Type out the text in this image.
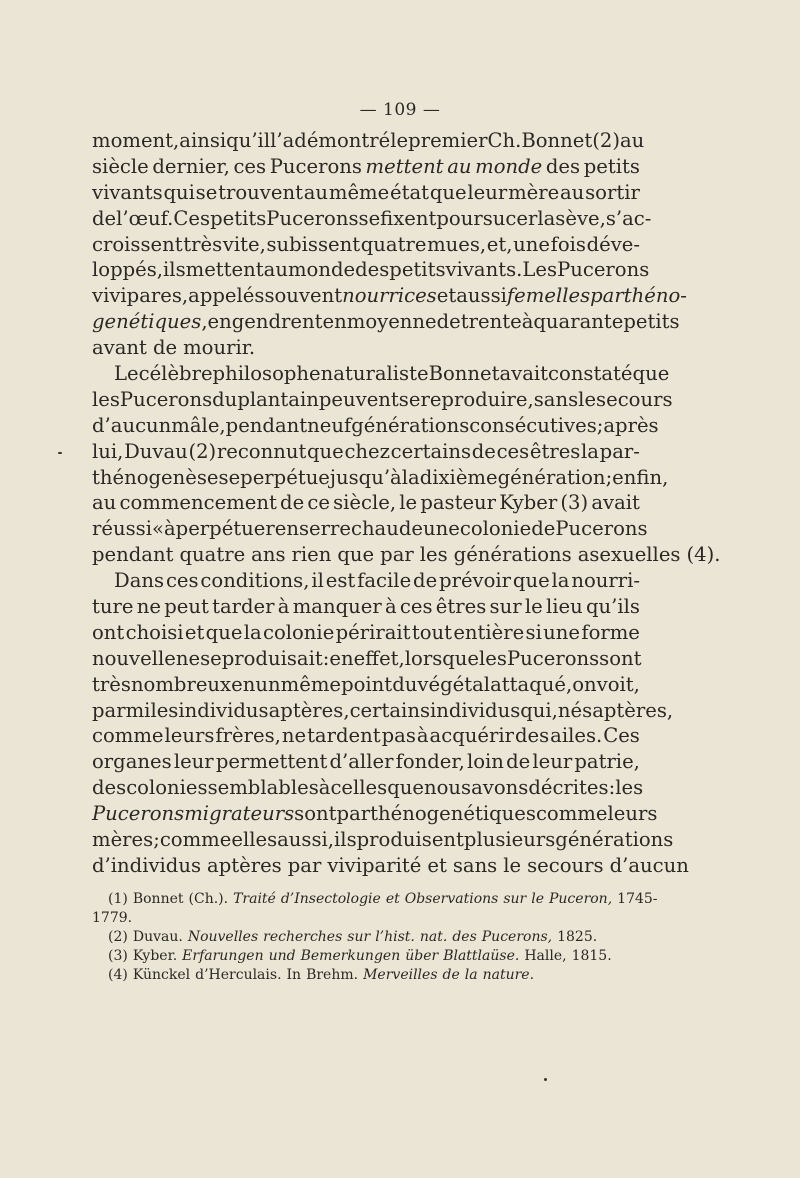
— 109 —
moment, ainsi qu’il l’a démontré le premier Ch. Bonnet (2) au
siècle dernier, ces Pucerons mettent au monde des petits
vivants qui se trouvent au même état que leur mère au sortir
de l’œuf. Ces petits Pucerons se fixent pour sucer la sève, s’ac-
croissent très vite, subissent quatre mues, et, une fois déve-
loppés, ils mettent au monde des petits vivants. Les Pucerons
vivipares, appelés souvent nourrices et aussi femelles parthéno-
genétiques , engendrent en moyenne de trente à quarante petits
avant de mourir.
Le célèbre philosophe naturaliste Bonnet avait constaté que
les Pucerons du plantain peuvent se reproduire, sans le secours
d’aucun mâle, pendant neuf générations consécutives ; après
lui, Duvau (2) reconnut que chez certains de ces êtres la par-
thénogenèse se perpétue jusqu’à la dixième génération ; enfin,
au commencement de ce siècle, le pasteur Kyber (3) avait
réussi « à perpétuer en serre chaude une colonie de Pucerons
pendant quatre ans rien que par les générations asexuelles (4).
Dans ces conditions, il est facile de prévoir que la nourri-
ture ne peut tarder à manquer à ces êtres sur le lieu qu’ils
ont choisi et que la colonie périrait tout entière si une forme
nouvelle ne se produisait : en effet, lorsque les Pucerons sont
très nombreux en un même point du végétal attaqué, on voit,
parmi les individus aptères, certains individus qui, nés aptères,
comme leurs frères, ne tardent pas à acquérir des ailes. Ces
organes leur permettent d’aller fonder, loin de leur patrie,
des colonies semblables à celles que nous avons décrites : les
Pucerons migrateurs sont parthénogenétiques comme leurs
mères ; comme elles aussi, ils produisent plusieurs générations
d’individus aptères par viviparité et sans le secours d’aucun
(1) Bonnet (Ch.). Traité d’Insectologie et Observations sur le Puceron, 1745-
1779.
(2) Duvau. Nouvelles recherches sur l’hist. nat. des Pucerons, 1825.
(3) Kyber. Erfarungen und Bemerkungen über Blattlaüse. Halle, 1815.
(4) Künckel d’Herculais. In Brehm. Merveilles de la nature.
